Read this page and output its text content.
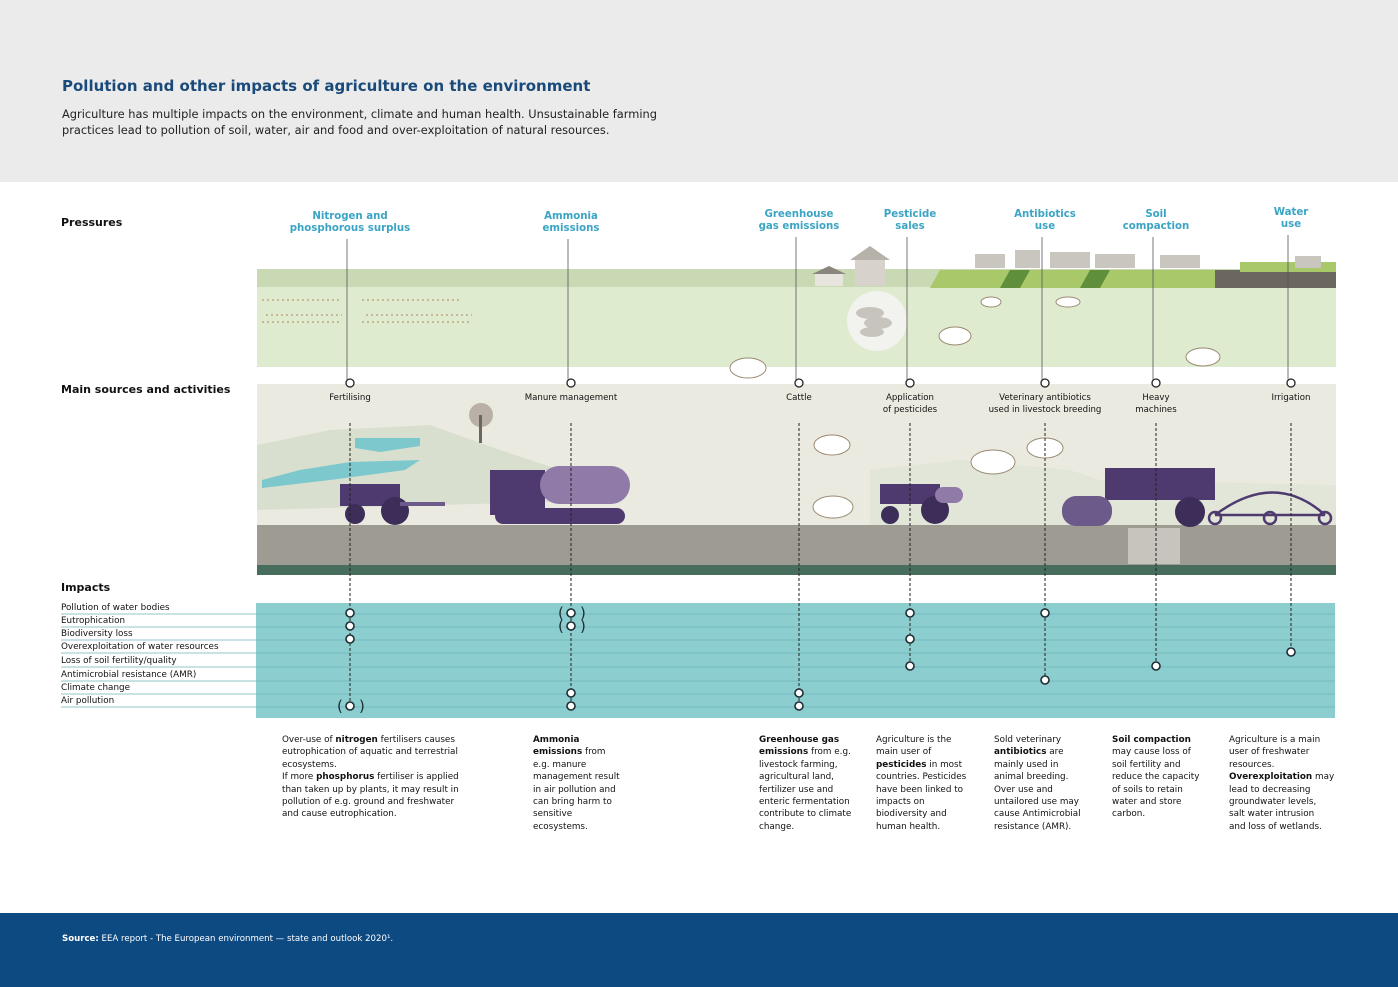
Pollution and other impacts of agriculture on the environment
Agriculture has multiple impacts on the environment, climate and human health. Unsustainable farming practices lead to pollution of soil, water, air and food and over-exploitation of natural resources.
( )
( )
( )
Pressures
Main sources and activities
Impacts
Nitrogen and
phosphorous surplus
Ammonia
emissions
Greenhouse
gas emissions
Pesticide
sales
Antibiotics
use
Soil
compaction
Water
use
Fertilising	Manure management	Cattle	Application
of pesticides
Veterinary antibiotics
used in livestock breeding
Heavy
machines
Irrigation
Pollution of water bodies
Eutrophication
Biodiversity loss
Overexploitation of water resources
Loss of soil fertility/quality
Antimicrobial resistance (AMR)
Climate change
Air pollution
Over-use of nitrogen fertilisers causes
eutrophication of aquatic and terrestrial
ecosystems.
If more phosphorus fertiliser is applied
than taken up by plants, it may result in
pollution of e.g. ground and freshwater
and cause eutrophication.
Ammonia
emissions from
e.g. manure
management result
in air pollution and
can bring harm to
sensitive
ecosystems.
Greenhouse gas
emissions from e.g.
livestock farming,
agricultural land,
fertilizer use and
enteric fermentation
contribute to climate
change.
Agriculture is the
main user of
pesticides in most
countries. Pesticides
have been linked to
impacts on
biodiversity and
human health.
Sold veterinary
antibiotics are
mainly used in
animal breeding.
Over use and
untailored use may
cause Antimicrobial
resistance (AMR).
Soil compaction
may cause loss of
soil fertility and
reduce the capacity
of soils to retain
water and store
carbon.
Agriculture is a main
user of freshwater
resources.
Overexploitation may
lead to decreasing
groundwater levels,
salt water intrusion
and loss of wetlands.
Source: EEA report - The European environment — state and outlook 2020¹.
